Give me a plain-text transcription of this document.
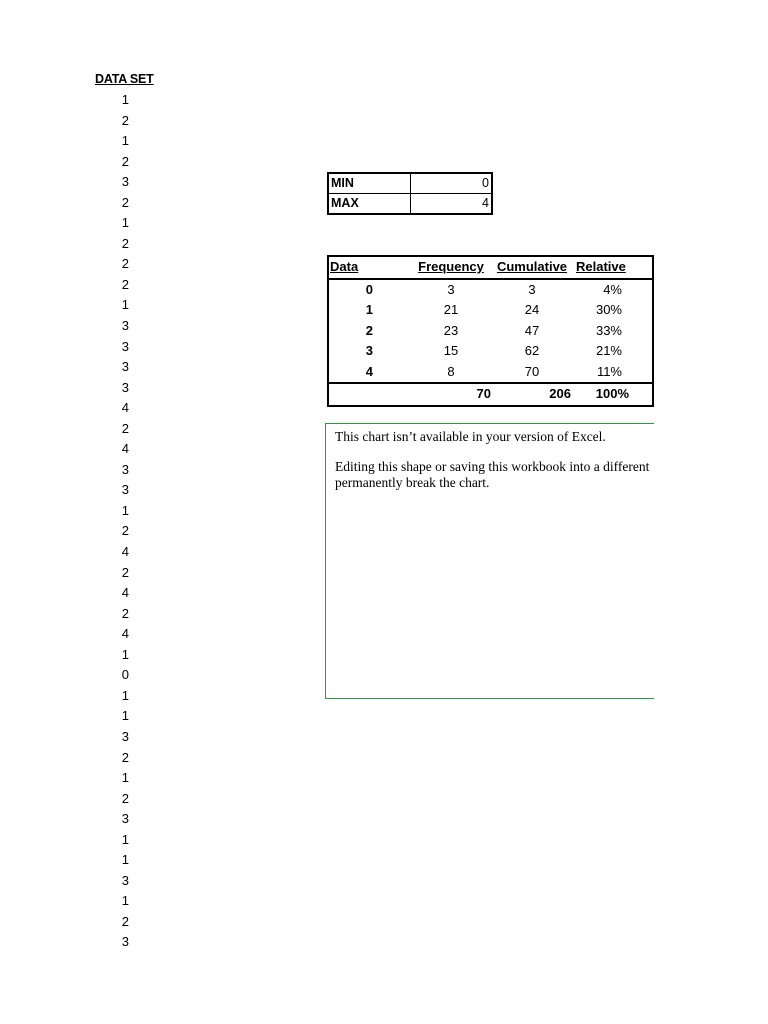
DATA SET
1
2
1
2
3
2
1
2
2
2
1
3
3
3
3
4
2
4
3
3
1
2
4
2
4
2
4
1
0
1
1
3
2
1
2
3
1
1
3
1
2
3
MIN	0
MAX	4
Data	Frequency	Cumulative	Relative
0	3	3	4%
1	21	24	30%
2	23	47	33%
3	15	62	21%
4	8	70	11%
	70	206	100%
This chart isn’t available in your version of Excel.
Editing this shape or saving this workbook into a different
permanently break the chart.
